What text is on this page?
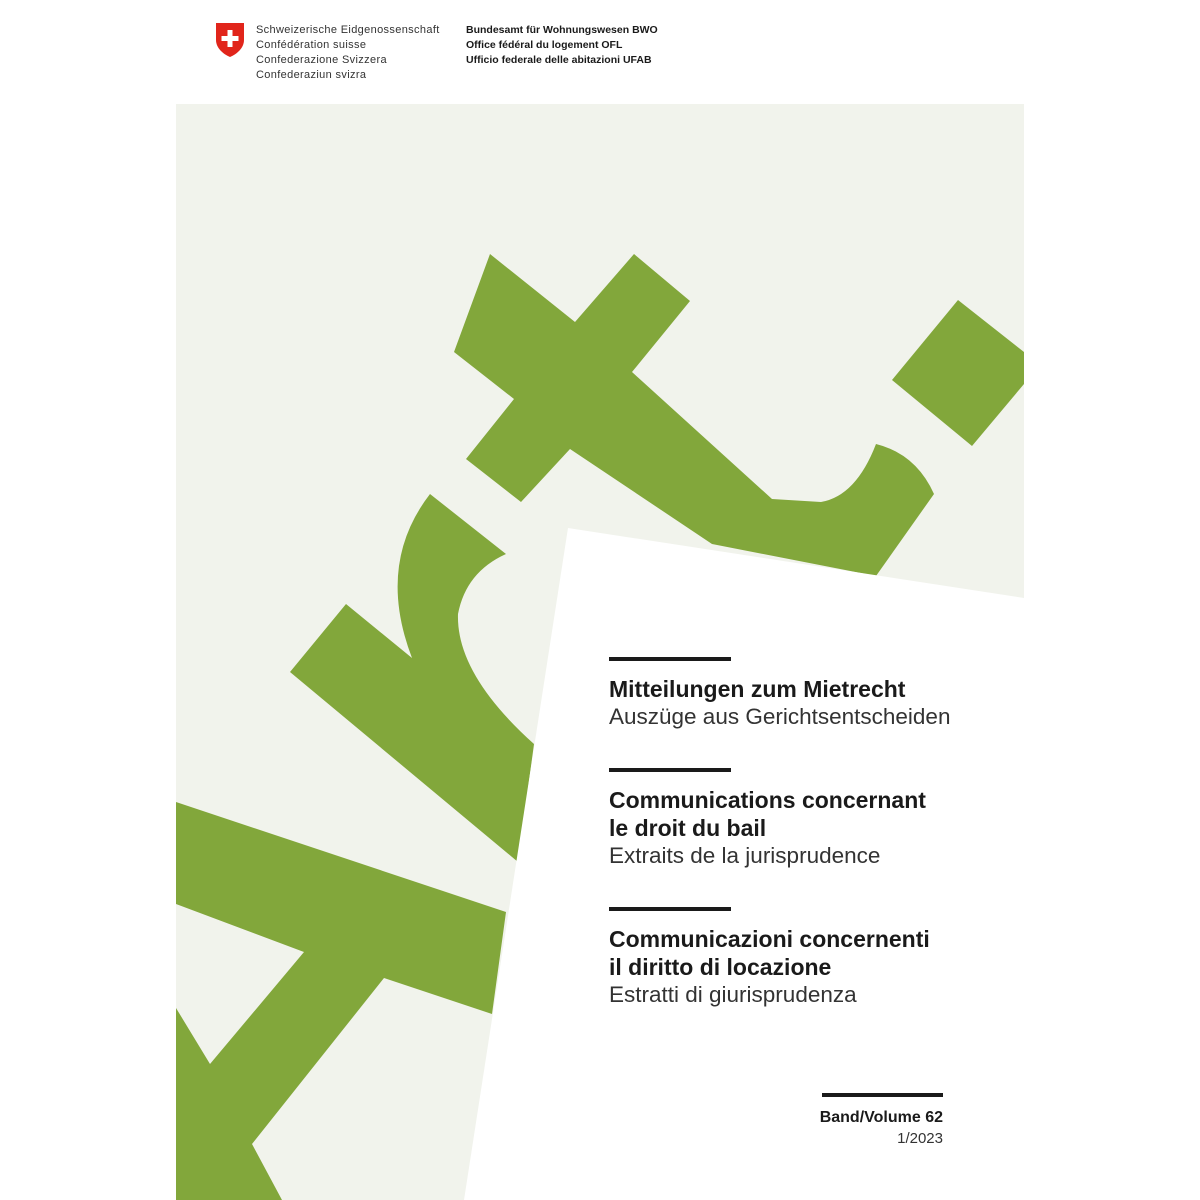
Schweizerische Eidgenossenschaft
Confédération suisse
Confederazione Svizzera
Confederaziun svizra
Bundesamt für Wohnungswesen BWO
Office fédéral du logement OFL
Ufficio federale delle abitazioni UFAB
Mitteilungen zum Mietrecht
Auszüge aus Gerichtsentscheiden
Communications concernant
le droit du bail
Extraits de la jurisprudence
Communicazioni concernenti
il diritto di locazione
Estratti di giurisprudenza
Band/Volume 62
1/2023
